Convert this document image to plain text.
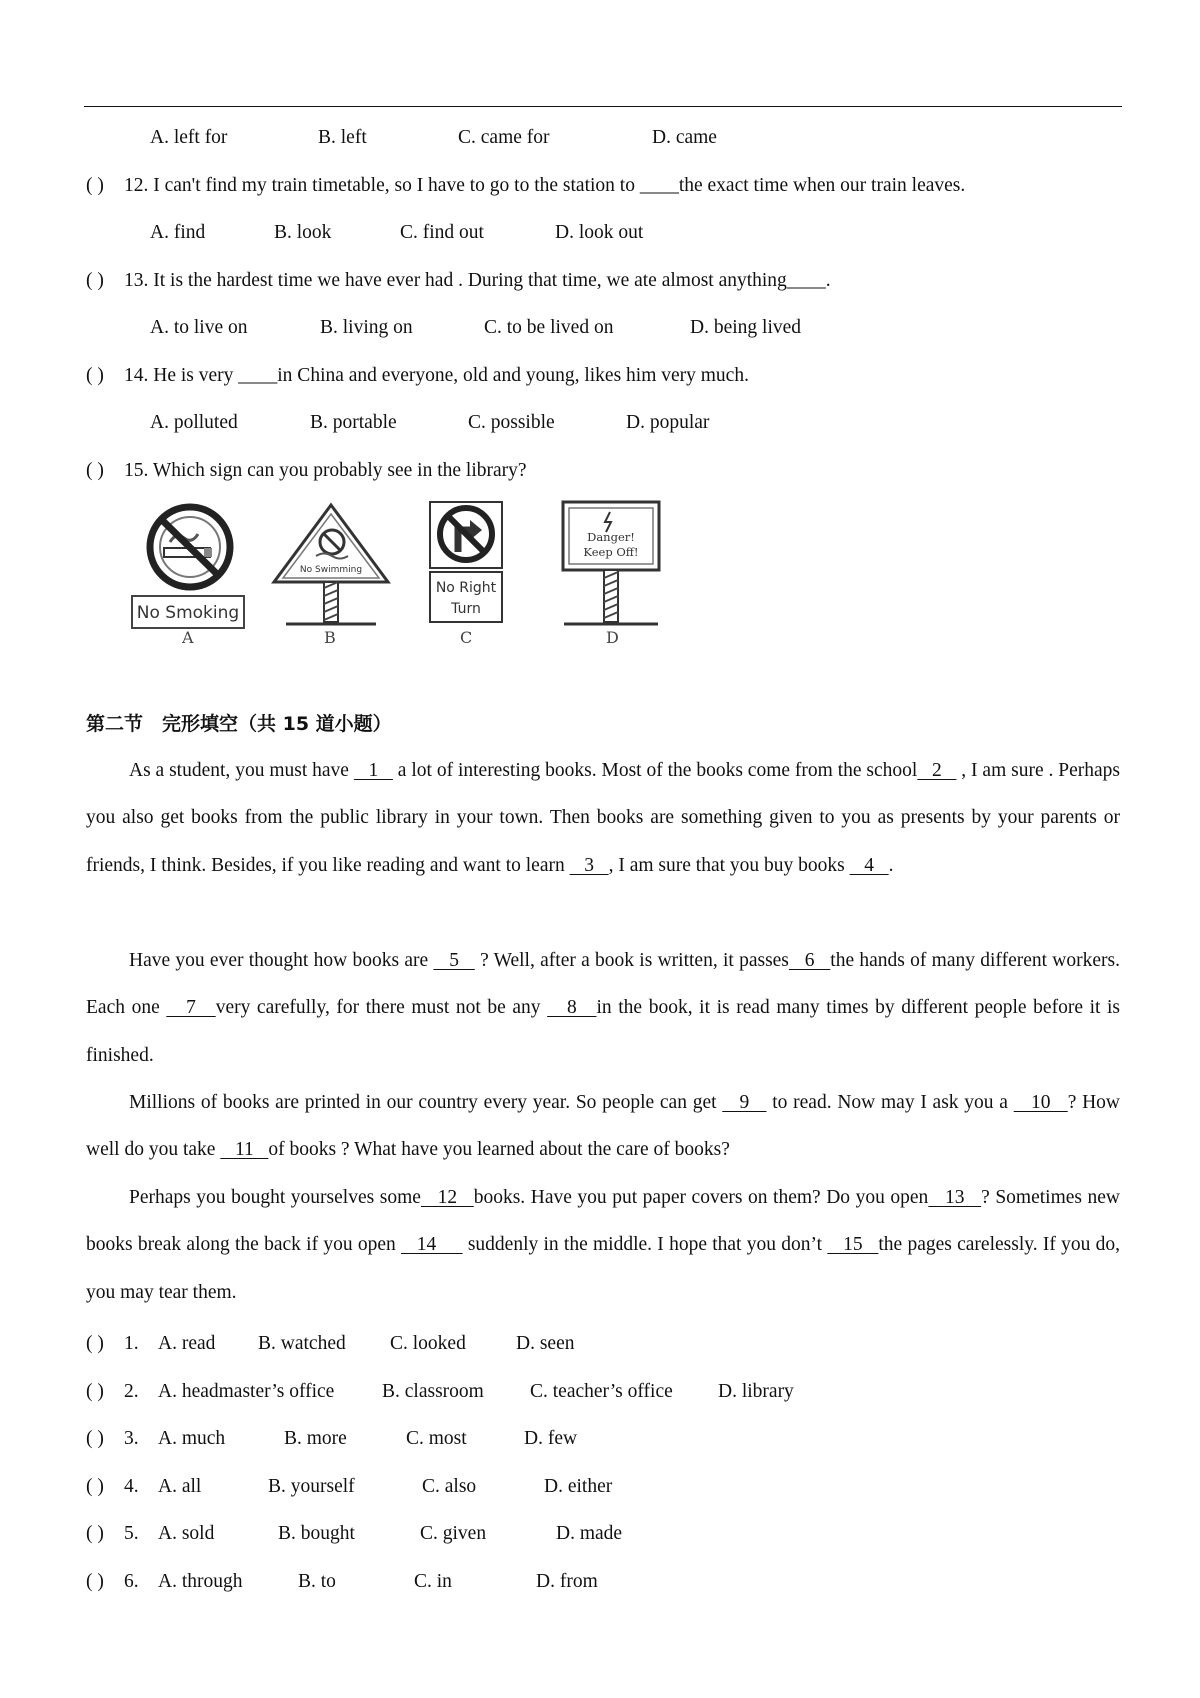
A. left for	B. left	C. came for	D. came
( ) 12. I can't find my train timetable, so I have to go to the station to ____the exact time when our train leaves.
A. find	B. look	C. find out	D. look out
( ) 13. It is the hardest time we have ever had . During that time, we ate almost anything____.
A. to live on	B. living on	C. to be lived on	D. being lived
( ) 14. He is very ____in China and everyone, old and young, likes him very much.
A. polluted	B. portable	C. possible	D. popular
( ) 15. Which sign can you probably see in the library?
No Smoking
A
No Swimming
B
No Right
Turn
C
Danger!
Keep Off!
D
第二节　完形填空（共 15 道小题）
As a student, you must have    1    a lot of interesting books. Most of the books come from the school   2    , I am sure . Perhaps you also get books from the public library in your town. Then books are something given to you as presents by your parents or friends, I think. Besides, if you like reading and want to learn    3   , I am sure that you buy books    4   .
Have you ever thought how books are    5    ? Well, after a book is written, it passes   6   the hands of many different workers. Each one    7   very carefully, for there must not be any    8   in the book, it is read many times by different people before it is finished.
Millions of books are printed in our country every year. So people can get    9    to read. Now may I ask you a    10   ? How well do you take    11   of books ? What have you learned about the care of books?
Perhaps you bought yourselves some   12   books. Have you put paper covers on them? Do you open   13   ? Sometimes new books break along the back if you open    14      suddenly in the middle. I hope that you don’t    15   the pages carelessly. If you do, you may tear them.
( ) 1. A. read B. watched C. looked	D. seen
( ) 2. A. headmaster’s office B. classroom C. teacher’s office D. library
( ) 3. A. much	B. more	C. most	D. few
( ) 4. A. all	B. yourself	C. also	D. either
( ) 5. A. sold	B. bought	C. given	D. made
( ) 6. A. through	B. to	C. in	D. from
